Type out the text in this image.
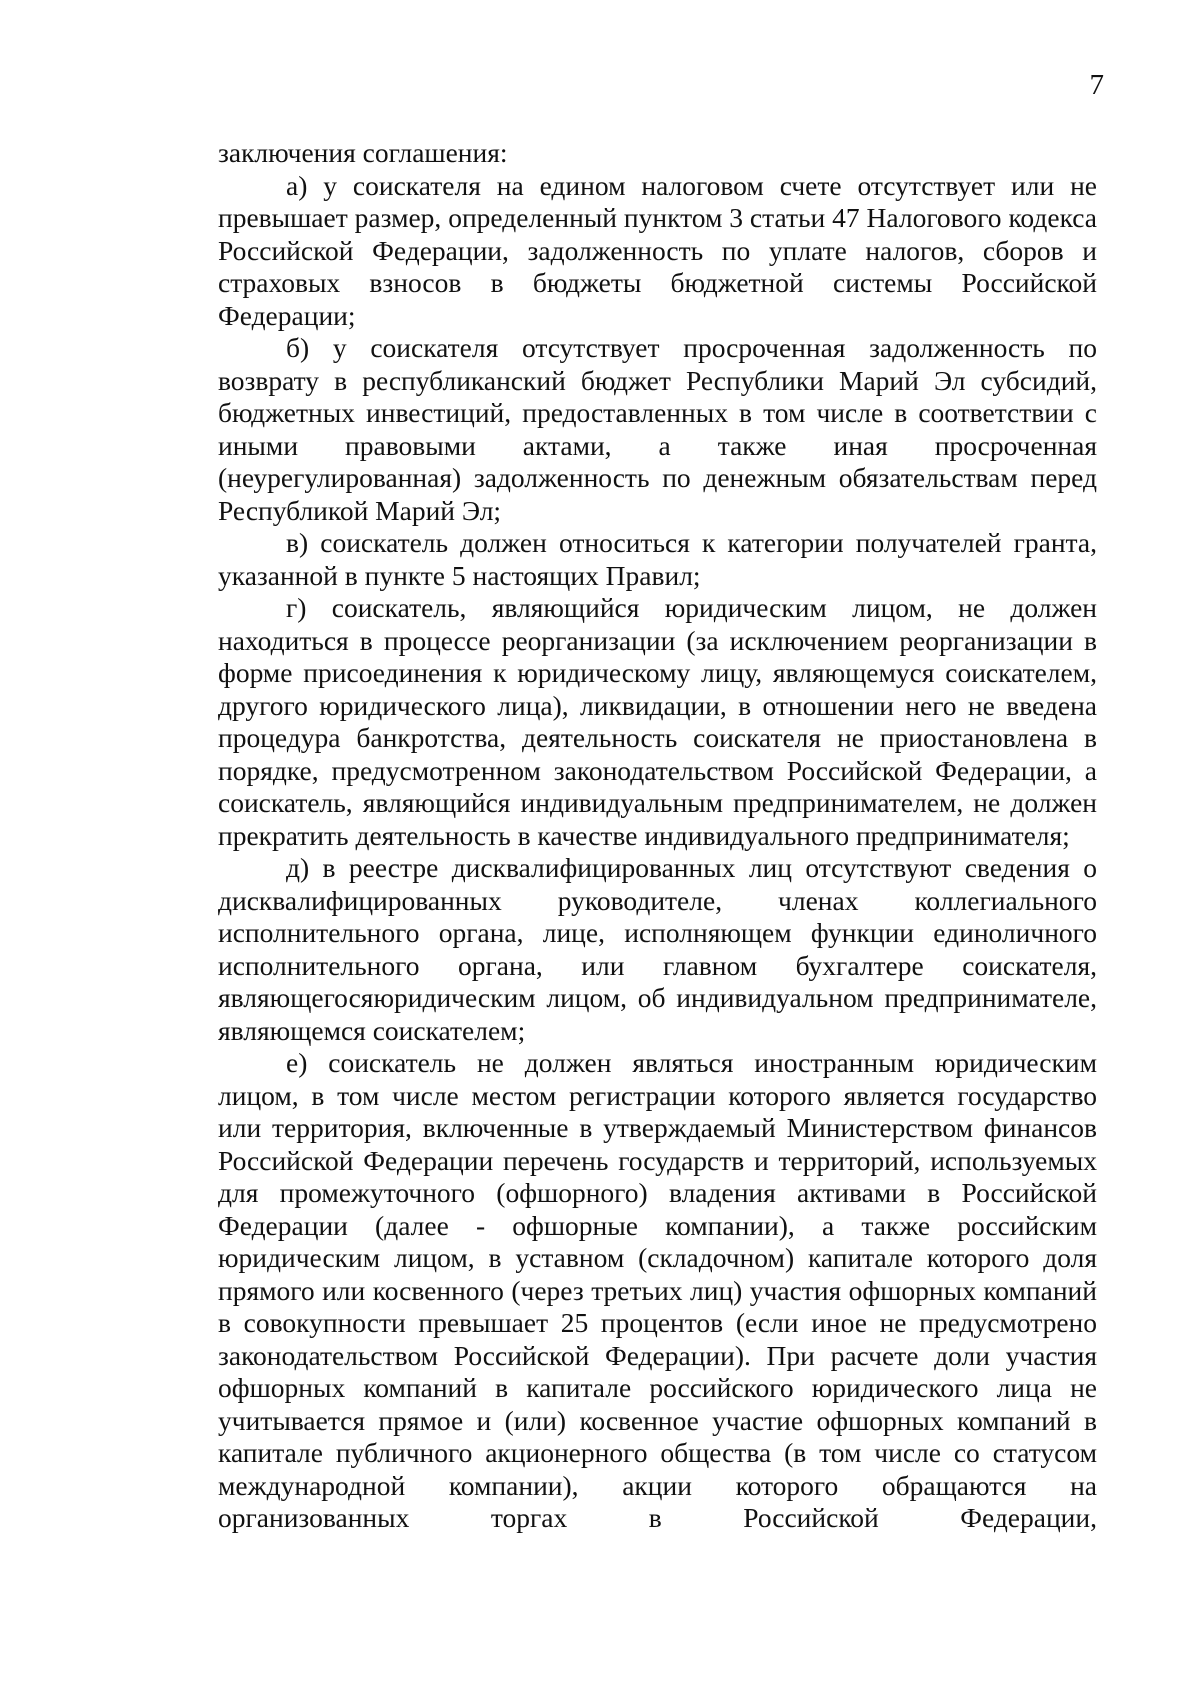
7

заключения соглашения:

а) у соискателя на едином налоговом счете отсутствует или не превышает размер, определенный пунктом 3 статьи 47 Налогового кодекса Российской Федерации, задолженность по уплате налогов, сборов и страховых взносов в бюджеты бюджетной системы Российской Федерации;

б) у соискателя отсутствует просроченная задолженность по возврату в республиканский бюджет Республики Марий Эл субсидий, бюджетных инвестиций, предоставленных в том числе в соответствии с иными правовыми актами, а также иная просроченная (неурегулированная) задолженность по денежным обязательствам перед Республикой Марий Эл;

в) соискатель должен относиться к категории получателей гранта, указанной в пункте 5 настоящих Правил;

г) соискатель, являющийся юридическим лицом, не должен находиться в процессе реорганизации (за исключением реорганизации в форме присоединения к юридическому лицу, являющемуся соискателем, другого юридического лица), ликвидации, в отношении него не введена процедура банкротства, деятельность соискателя не приостановлена в порядке, предусмотренном законодательством Российской Федерации, а соискатель, являющийся индивидуальным предпринимателем, не должен прекратить деятельность в качестве индивидуального предпринимателя;

д) в реестре дисквалифицированных лиц отсутствуют сведения о дисквалифицированных руководителе, членах коллегиального исполнительного органа, лице, исполняющем функции единоличного исполнительного органа, или главном бухгалтере соискателя, являющегосяюридическим лицом, об индивидуальном предпринимателе, являющемся соискателем;

е) соискатель не должен являться иностранным юридическим лицом, в том числе местом регистрации которого является государство или территория, включенные в утверждаемый Министерством финансов Российской Федерации перечень государств и территорий, используемых для промежуточного (офшорного) владения активами в Российской Федерации (далее - офшорные компании), а также российским юридическим лицом, в уставном (складочном) капитале которого доля прямого или косвенного (через третьих лиц) участия офшорных компаний в совокупности превышает 25 процентов (если иное не предусмотрено законодательством Российской Федерации). При расчете доли участия офшорных компаний в капитале российского юридического лица не учитывается прямое и (или) косвенное участие офшорных компаний в капитале публичного акционерного общества (в том числе со статусом международной компании), акции которого обращаются на организованных торгах в Российской Федерации,
